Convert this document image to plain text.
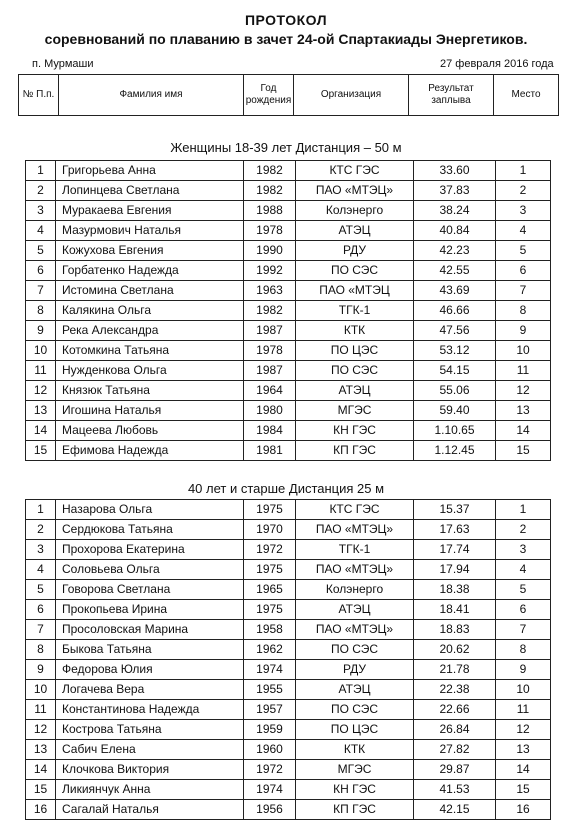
ПРОТОКОЛ
соревнований по плаванию в зачет 24-ой Спартакиады Энергетиков.
п. Мурмаши	27 февраля 2016 года
№ П.п.	Фамилия имя	Год рождения	Организация	Результат заплыва	Место
Женщины 18-39 лет Дистанция – 50 м
1	Григорьева Анна	1982	КТС ГЭС	33.60	1
2	Лопинцева Светлана	1982	ПАО «МТЭЦ»	37.83	2
3	Муракаева Евгения	1988	Колэнерго	38.24	3
4	Мазурмович Наталья	1978	АТЭЦ	40.84	4
5	Кожухова Евгения	1990	РДУ	42.23	5
6	Горбатенко Надежда	1992	ПО СЭС	42.55	6
7	Истомина Светлана	1963	ПАО «МТЭЦ	43.69	7
8	Калякина Ольга	1982	ТГК-1	46.66	8
9	Река Александра	1987	КТК	47.56	9
10	Котомкина Татьяна	1978	ПО ЦЭС	53.12	10
11	Нужденкова Ольга	1987	ПО СЭС	54.15	11
12	Князюк Татьяна	1964	АТЭЦ	55.06	12
13	Игошина Наталья	1980	МГЭС	59.40	13
14	Мацеева Любовь	1984	КН ГЭС	1.10.65	14
15	Ефимова Надежда	1981	КП ГЭС	1.12.45	15
40 лет и старше Дистанция 25 м
1	Назарова Ольга	1975	КТС ГЭС	15.37	1
2	Сердюкова Татьяна	1970	ПАО «МТЭЦ»	17.63	2
3	Прохорова Екатерина	1972	ТГК-1	17.74	3
4	Соловьева Ольга	1975	ПАО «МТЭЦ»	17.94	4
5	Говорова Светлана	1965	Колэнерго	18.38	5
6	Прокопьева Ирина	1975	АТЭЦ	18.41	6
7	Просоловская Марина	1958	ПАО «МТЭЦ»	18.83	7
8	Быкова Татьяна	1962	ПО СЭС	20.62	8
9	Федорова Юлия	1974	РДУ	21.78	9
10	Логачева Вера	1955	АТЭЦ	22.38	10
11	Константинова Надежда	1957	ПО СЭС	22.66	11
12	Кострова Татьяна	1959	ПО ЦЭС	26.84	12
13	Сабич Елена	1960	КТК	27.82	13
14	Клочкова Виктория	1972	МГЭС	29.87	14
15	Ликиянчук Анна	1974	КН ГЭС	41.53	15
16	Сагалай Наталья	1956	КП ГЭС	42.15	16
